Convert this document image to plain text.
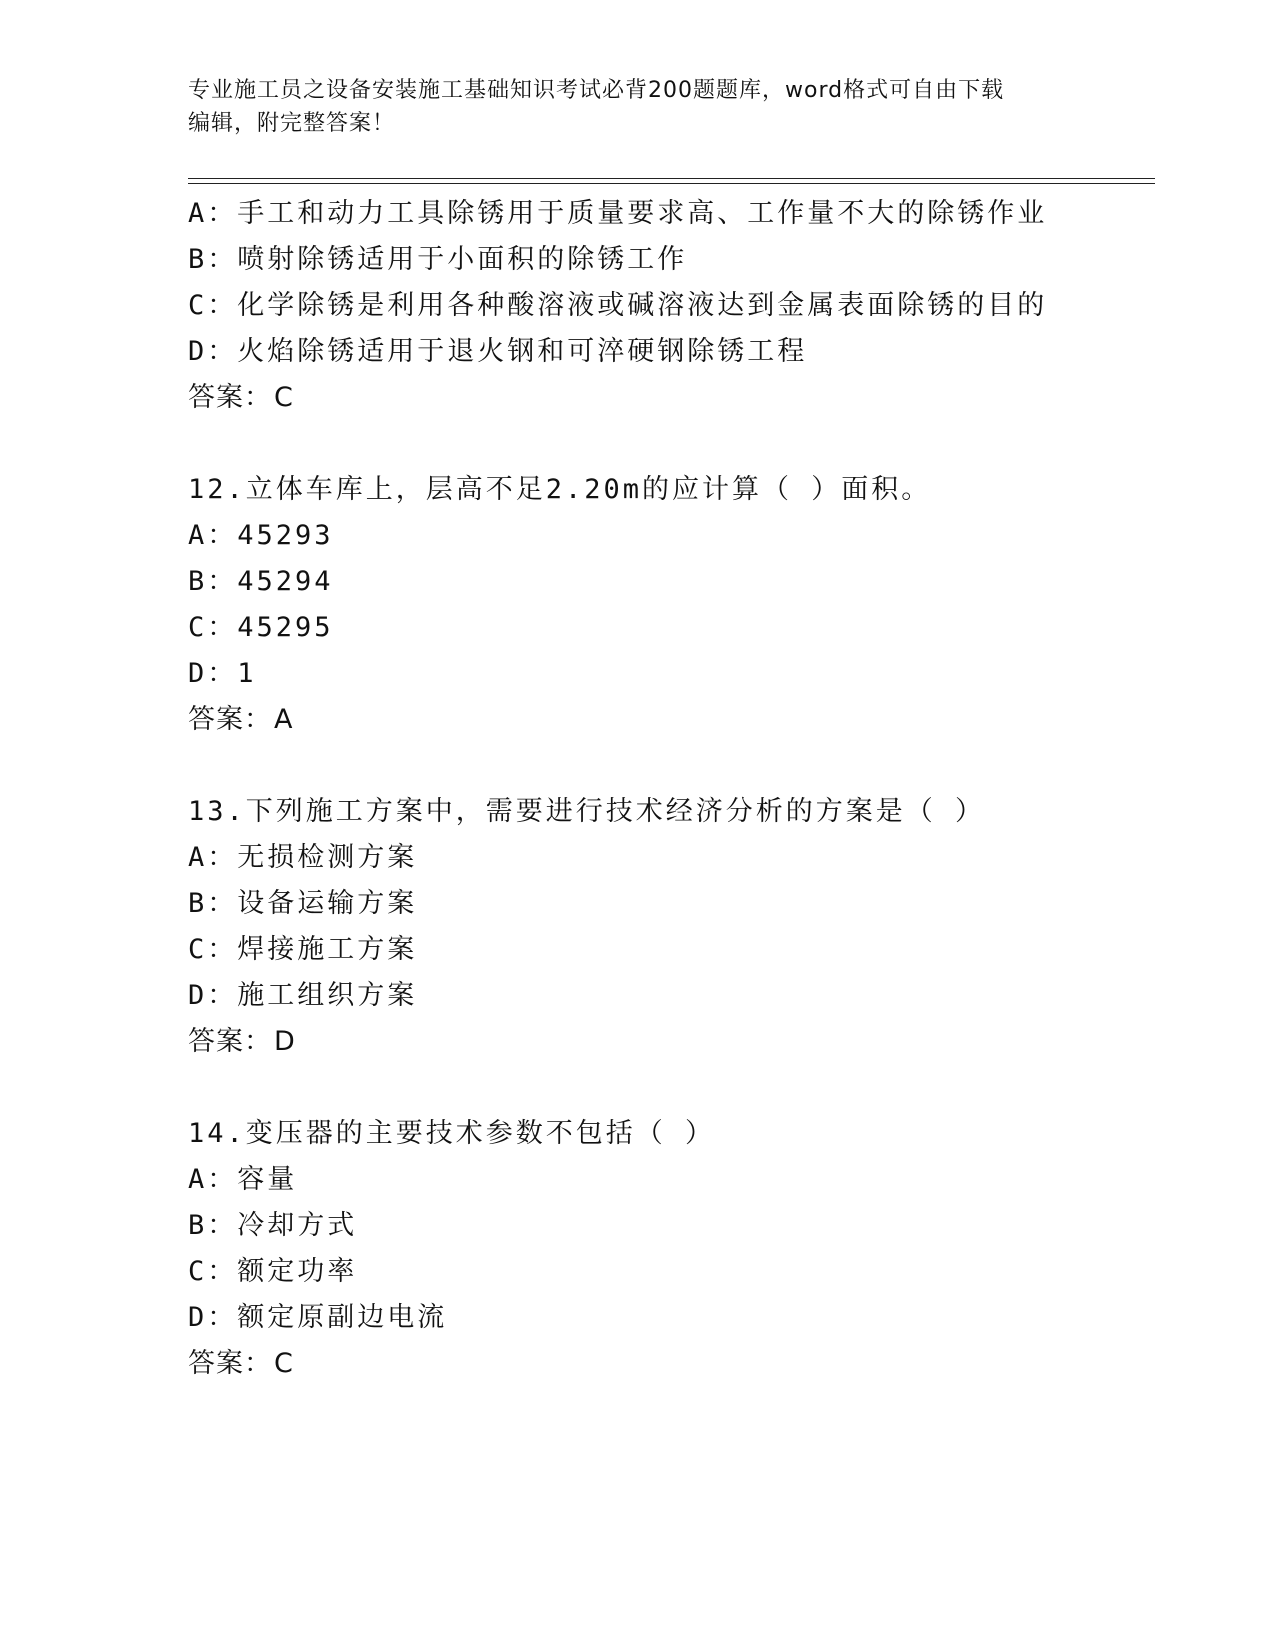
专业施工员之设备安装施工基础知识考试必背200题题库，word格式可自由下载
编辑，附完整答案！
A：手工和动力工具除锈用于质量要求高、工作量不大的除锈作业
B：喷射除锈适用于小面积的除锈工作
C：化学除锈是利用各种酸溶液或碱溶液达到金属表面除锈的目的
D：火焰除锈适用于退火钢和可淬硬钢除锈工程
答案：C
12.立体车库上，层高不足2.20m的应计算（ ）面积。
A：45293
B：45294
C：45295
D：1
答案：A
13.下列施工方案中，需要进行技术经济分析的方案是（ ）
A：无损检测方案
B：设备运输方案
C：焊接施工方案
D：施工组织方案
答案：D
14.变压器的主要技术参数不包括（ ）
A：容量
B：冷却方式
C：额定功率
D：额定原副边电流
答案：C
